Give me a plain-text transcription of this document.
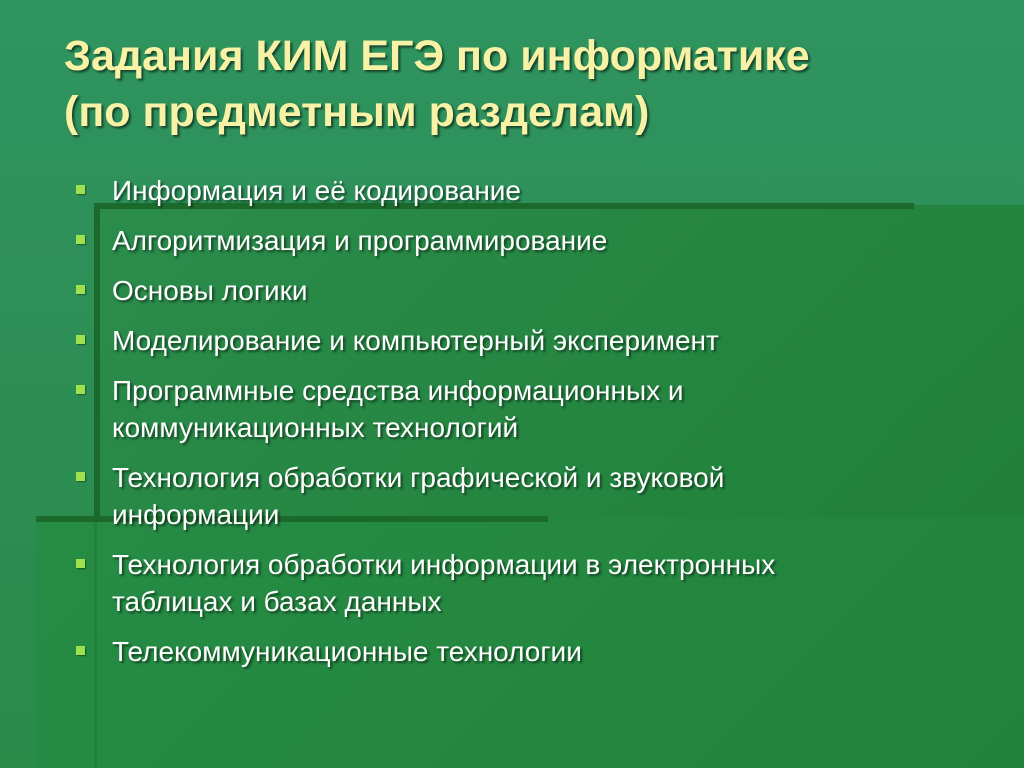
Задания КИМ ЕГЭ по информатике
(по предметным разделам)
Информация и её кодирование
Алгоритмизация и программирование
Основы логики
Моделирование и компьютерный эксперимент
Программные средства информационных и
коммуникационных технологий
Технология обработки графической и звуковой
информации
Технология обработки информации в электронных
таблицах и базах данных
Телекоммуникационные технологии
